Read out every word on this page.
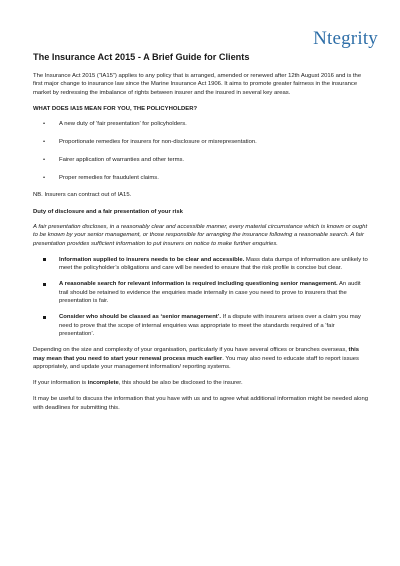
Ntegrity
The Insurance Act 2015 - A Brief Guide for Clients

The Insurance Act 2015 (“IA15”) applies to any policy that is arranged, amended or renewed after 12th August 2016 and is the first major change to insurance law since the Marine Insurance Act 1906. It aims to promote greater fairness in the insurance market by redressing the imbalance of rights between insurer and the insured in several key areas.

WHAT DOES IA15 MEAN FOR YOU, THE POLICYHOLDER?
• A new duty of ‘fair presentation’ for policyholders.
• Proportionate remedies for insurers for non-disclosure or misrepresentation.
• Fairer application of warranties and other terms.
• Proper remedies for fraudulent claims.

NB. Insurers can contract out of IA15.

Duty of disclosure and a fair presentation of your risk

A fair presentation discloses, in a reasonably clear and accessible manner, every material circumstance which is known or ought to be known by your senior management, or those responsible for arranging the insurance following a reasonable search. A fair presentation provides sufficient information to put insurers on notice to make further enquiries.

Information supplied to insurers needs to be clear and accessible. Mass data dumps of information are unlikely to meet the policyholder’s obligations and care will be needed to ensure that the risk profile is concise but clear.
A reasonable search for relevant information is required including questioning senior management. An audit trail should be retained to evidence the enquiries made internally in case you need to prove to insurers that the presentation is fair.
Consider who should be classed as ‘senior management’. If a dispute with insurers arises over a claim you may need to prove that the scope of internal enquiries was appropriate to meet the standards required of a ‘fair presentation’.

Depending on the size and complexity of your organisation, particularly if you have several offices or branches overseas, this may mean that you need to start your renewal process much earlier. You may also need to educate staff to report issues appropriately, and update your management information/ reporting systems.

If your information is incomplete, this should be also be disclosed to the insurer.

It may be useful to discuss the information that you have with us and to agree what additional information might be needed along with deadlines for submitting this.
